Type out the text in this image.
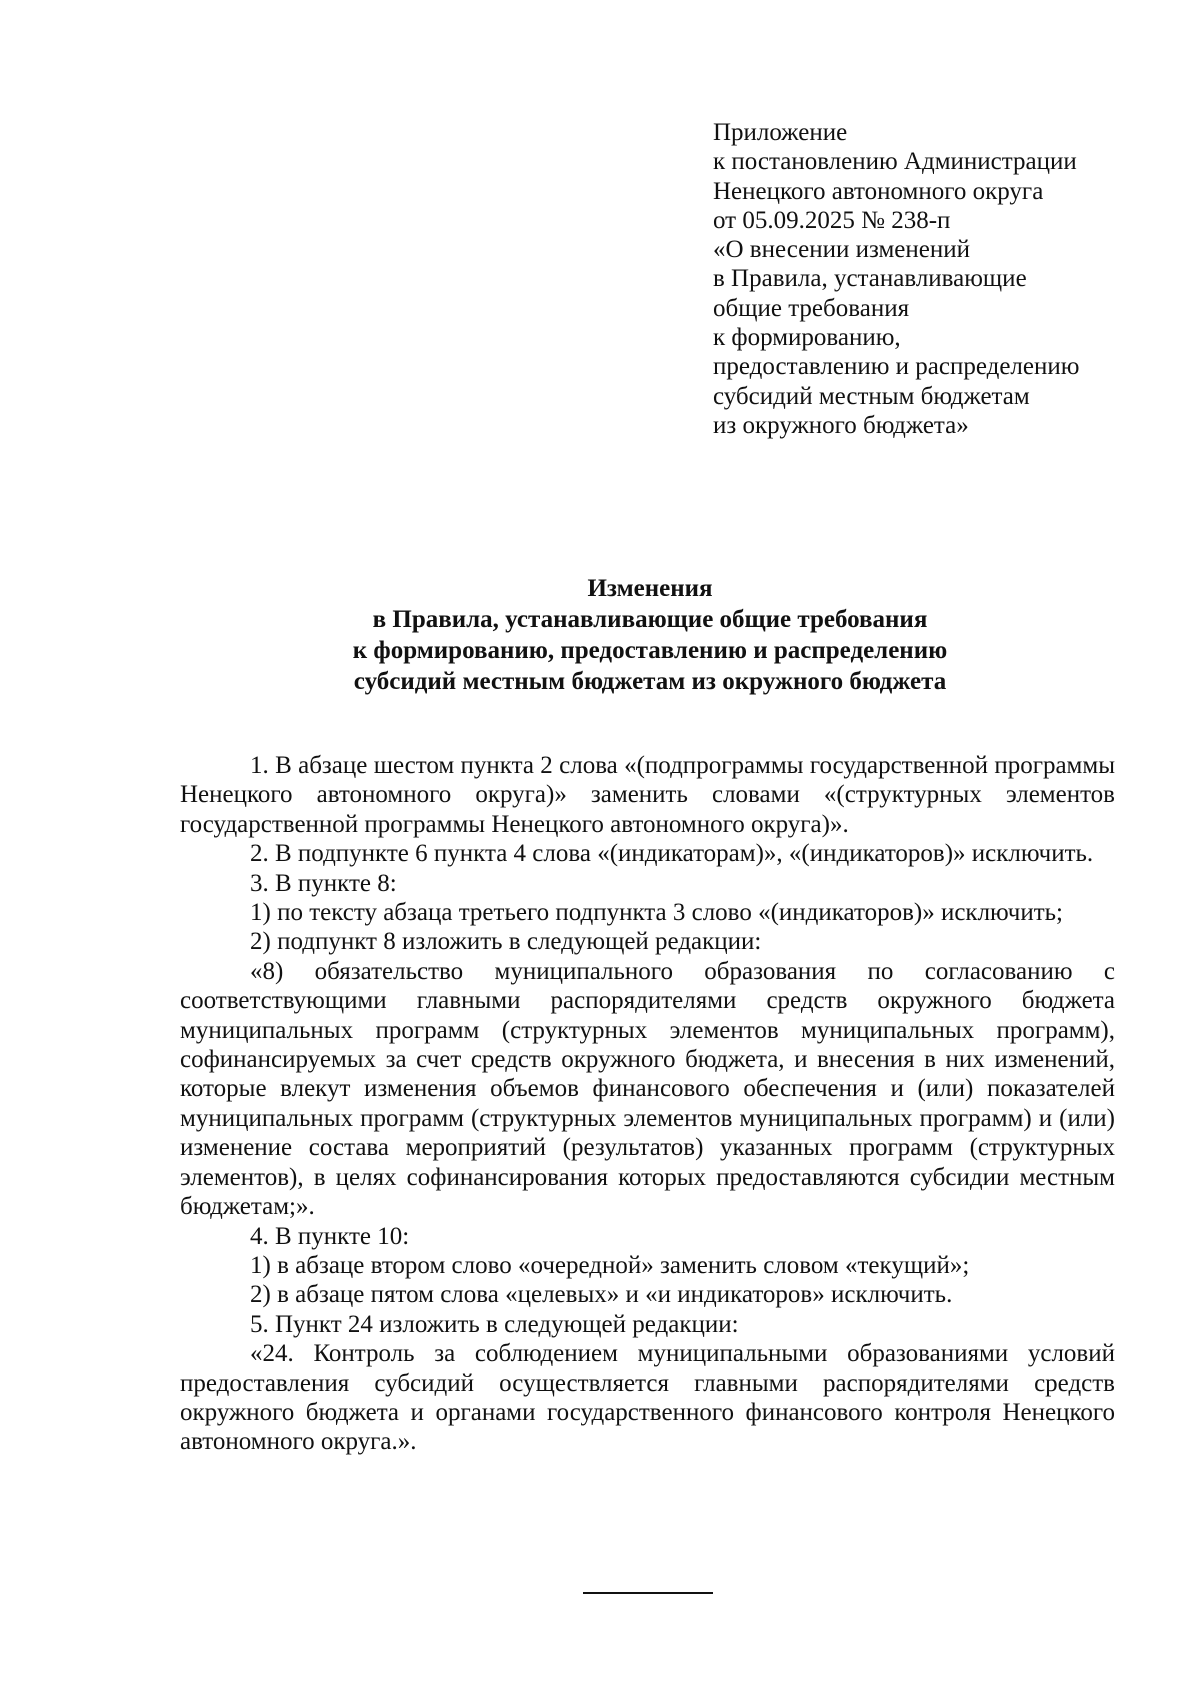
Приложение
к постановлению Администрации
Ненецкого автономного округа
от 05.09.2025 № 238-п
«О внесении изменений
в Правила, устанавливающие
общие требования
к формированию,
предоставлению и распределению
субсидий местным бюджетам
из окружного бюджета»
Изменения
в Правила, устанавливающие общие требования
к формированию, предоставлению и распределению
субсидий местным бюджетам из окружного бюджета

1. В абзаце шестом пункта 2 слова «(подпрограммы государственной программы Ненецкого автономного округа)» заменить словами «(структурных элементов государственной программы Ненецкого автономного округа)».

2. В подпункте 6 пункта 4 слова «(индикаторам)», «(индикаторов)» исключить.

3. В пункте 8:

1) по тексту абзаца третьего подпункта 3 слово «(индикаторов)» исключить;

2) подпункт 8 изложить в следующей редакции:

«8) обязательство муниципального образования по согласованию с соответствующими главными распорядителями средств окружного бюджета муниципальных программ (структурных элементов муниципальных программ), софинансируемых за счет средств окружного бюджета, и внесения в них изменений, которые влекут изменения объемов финансового обеспечения и (или) показателей муниципальных программ (структурных элементов муниципальных программ) и (или) изменение состава мероприятий (результатов) указанных программ (структурных элементов), в целях софинансирования которых предоставляются субсидии местным бюджетам;».

4. В пункте 10:

1) в абзаце втором слово «очередной» заменить словом «текущий»;

2) в абзаце пятом слова «целевых» и «и индикаторов» исключить.

5. Пункт 24 изложить в следующей редакции:

«24. Контроль за соблюдением муниципальными образованиями условий предоставления субсидий осуществляется главными распорядителями средств окружного бюджета и органами государственного финансового контроля Ненецкого автономного округа.».
